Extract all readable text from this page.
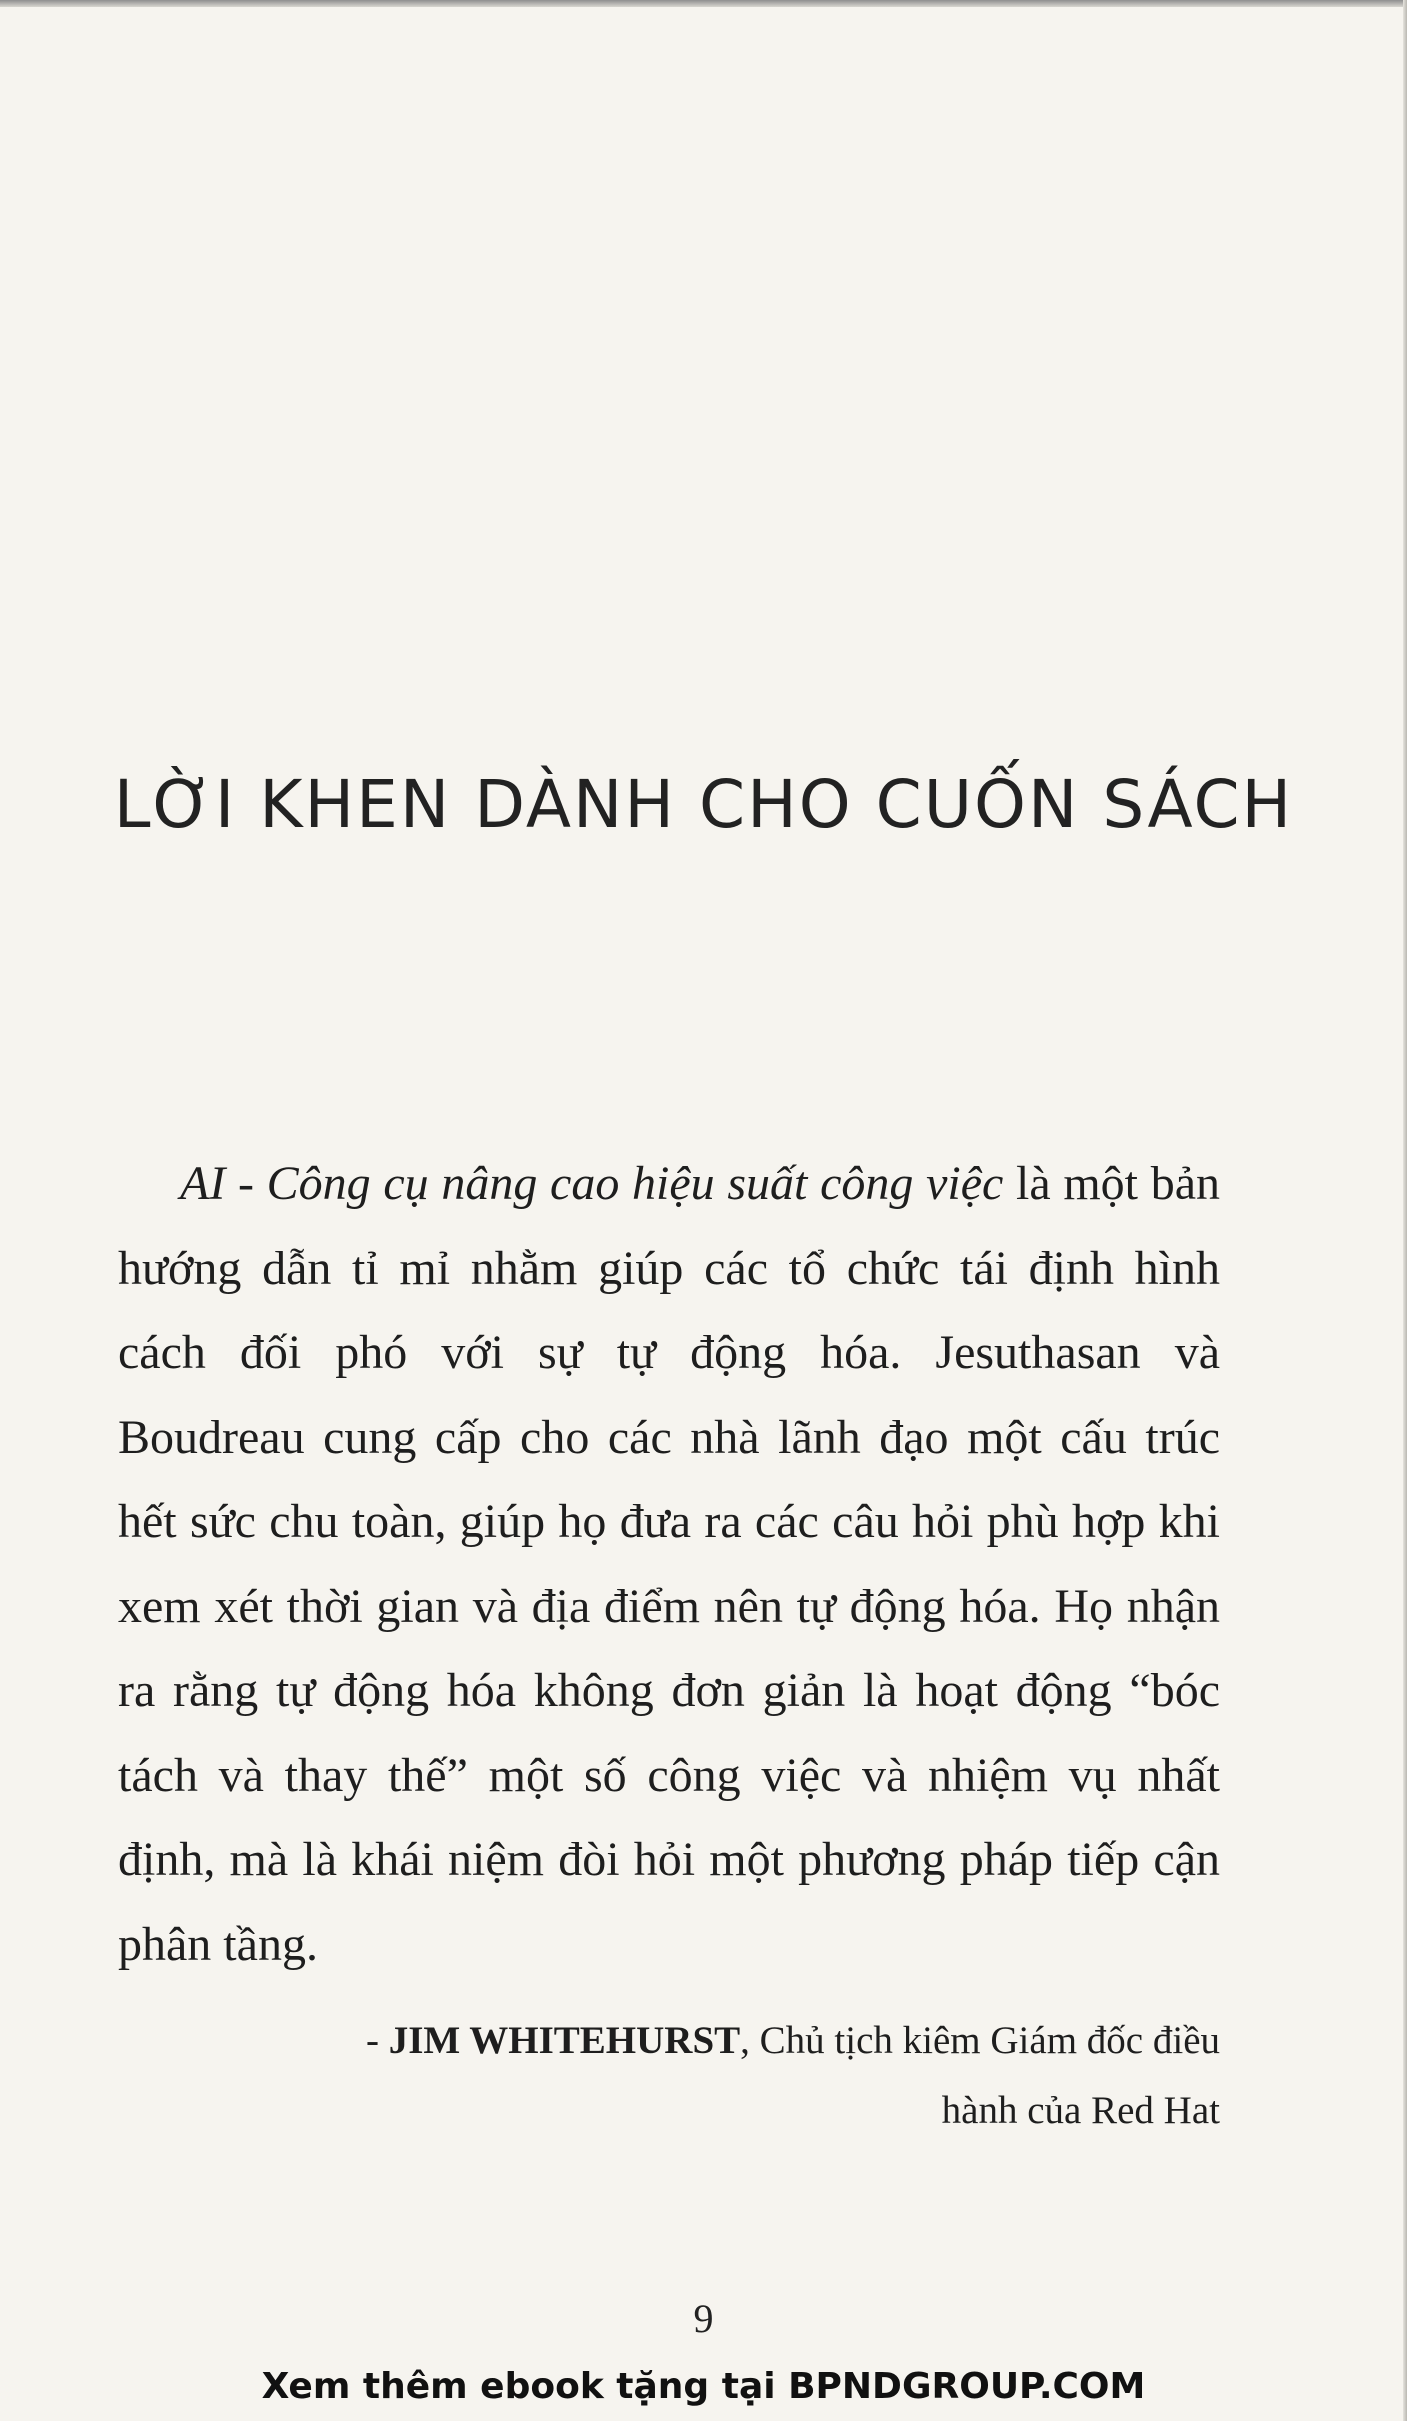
LỜI KHEN DÀNH CHO CUỐN SÁCH

AI - Công cụ nâng cao hiệu suất công việc là một bản hướng dẫn tỉ mỉ nhằm giúp các tổ chức tái định hình cách đối phó với sự tự động hóa. Jesuthasan và Boudreau cung cấp cho các nhà lãnh đạo một cấu trúc hết sức chu toàn, giúp họ đưa ra các câu hỏi phù hợp khi xem xét thời gian và địa điểm nên tự động hóa. Họ nhận ra rằng tự động hóa không đơn giản là hoạt động “bóc tách và thay thế” một số công việc và nhiệm vụ nhất định, mà là khái niệm đòi hỏi một phương pháp tiếp cận phân tầng.

- JIM WHITEHURST, Chủ tịch kiêm Giám đốc điều
hành của Red Hat

9
Xem thêm ebook tặng tại BPNDGROUP.COM
